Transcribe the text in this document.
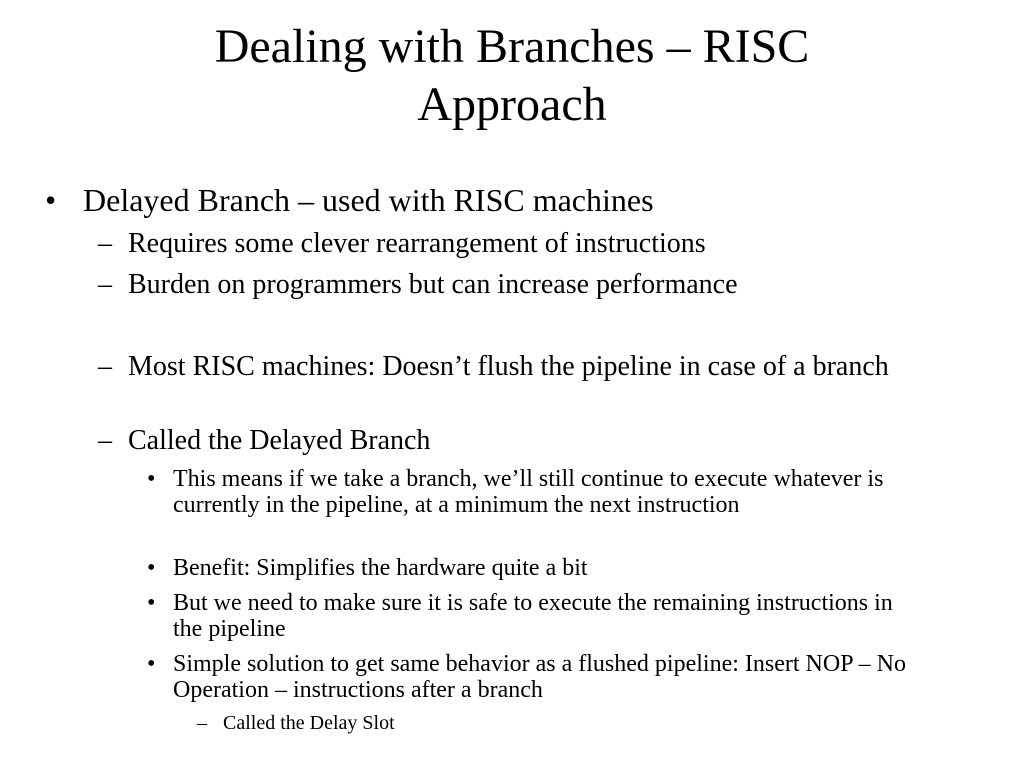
Dealing with Branches – RISC
Approach
• Delayed Branch – used with RISC machines
– Requires some clever rearrangement of instructions
– Burden on programmers but can increase performance
– Most RISC machines: Doesn’t flush the pipeline in case of a branch
– Called the Delayed Branch
• This means if we take a branch, we’ll still continue to execute whatever is currently in the pipeline, at a minimum the next instruction
• Benefit: Simplifies the hardware quite a bit
• But we need to make sure it is safe to execute the remaining instructions in the pipeline
• Simple solution to get same behavior as a flushed pipeline: Insert NOP – No Operation – instructions after a branch
– Called the Delay Slot
